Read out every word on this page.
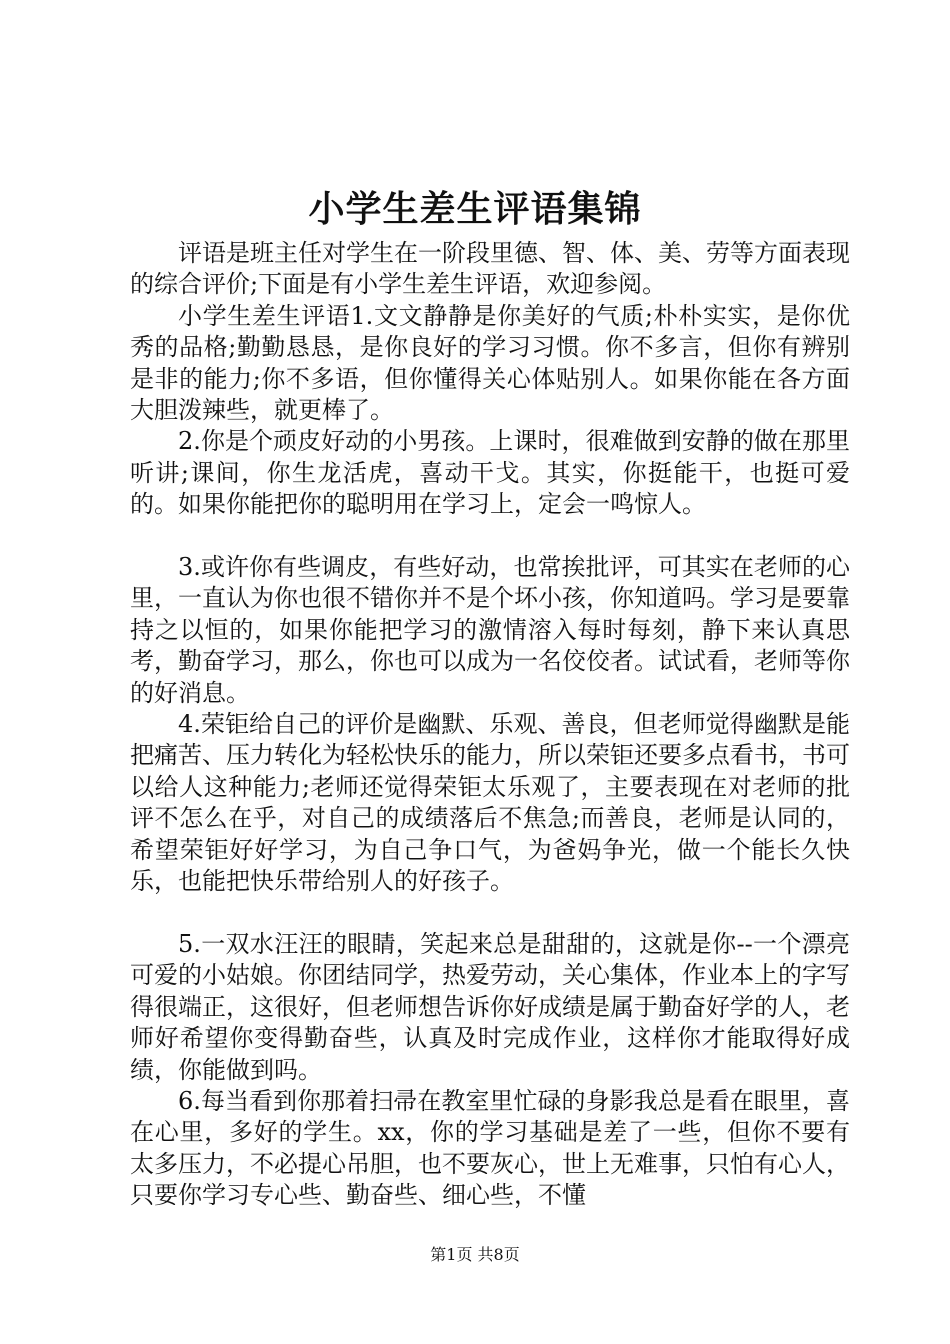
小学生差生评语集锦

评语是班主任对学生在一阶段里德、智、体、美、劳等方面表现的综合评价;下面是有小学生差生评语，欢迎参阅。

小学生差生评语1.文文静静是你美好的气质;朴朴实实，是你优秀的品格;勤勤恳恳，是你良好的学习习惯。你不多言，但你有辨别是非的能力;你不多语，但你懂得关心体贴别人。如果你能在各方面大胆泼辣些，就更棒了。

2.你是个顽皮好动的小男孩。上课时，很难做到安静的做在那里听讲;课间，你生龙活虎，喜动干戈。其实，你挺能干，也挺可爱的。如果你能把你的聪明用在学习上，定会一鸣惊人。

3.或许你有些调皮，有些好动，也常挨批评，可其实在老师的心里，一直认为你也很不错你并不是个坏小孩，你知道吗。学习是要靠持之以恒的，如果你能把学习的激情溶入每时每刻，静下来认真思考，勤奋学习，那么，你也可以成为一名佼佼者。试试看，老师等你的好消息。

4.荣钜给自己的评价是幽默、乐观、善良，但老师觉得幽默是能把痛苦、压力转化为轻松快乐的能力，所以荣钜还要多点看书，书可以给人这种能力;老师还觉得荣钜太乐观了，主要表现在对老师的批评不怎么在乎，对自己的成绩落后不焦急;而善良，老师是认同的，希望荣钜好好学习，为自己争口气，为爸妈争光，做一个能长久快乐，也能把快乐带给别人的好孩子。

5.一双水汪汪的眼睛，笑起来总是甜甜的，这就是你--一个漂亮可爱的小姑娘。你团结同学，热爱劳动，关心集体，作业本上的字写得很端正，这很好，但老师想告诉你好成绩是属于勤奋好学的人，老师好希望你变得勤奋些，认真及时完成作业，这样你才能取得好成绩，你能做到吗。

6.每当看到你那着扫帚在教室里忙碌的身影我总是看在眼里，喜在心里，多好的学生。xx，你的学习基础是差了一些，但你不要有太多压力，不必提心吊胆，也不要灰心，世上无难事，只怕有心人，只要你学习专心些、勤奋些、细心些，不懂

第1页 共8页
